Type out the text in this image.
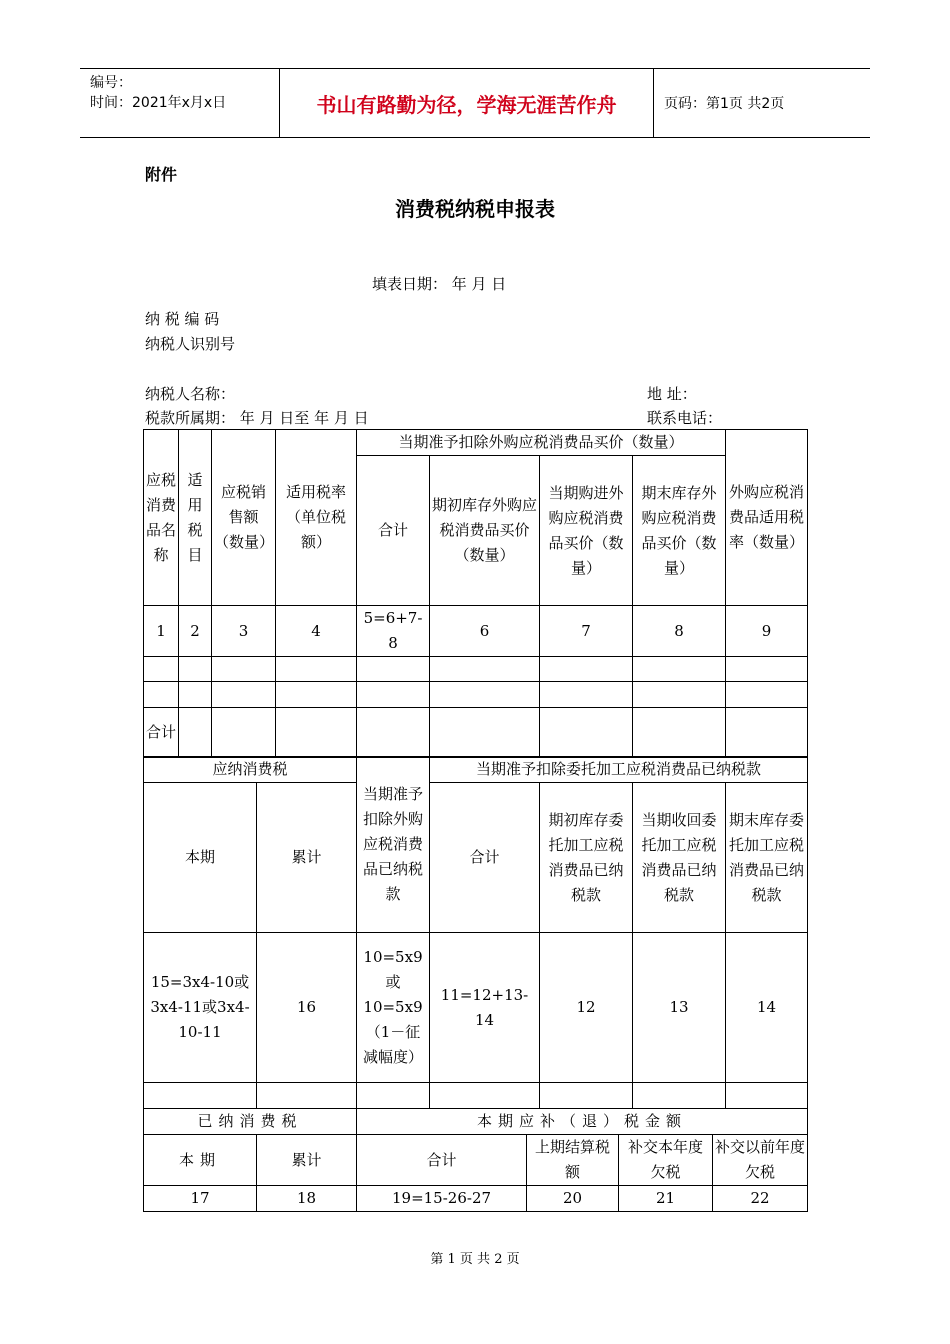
编号：
时间：2021年x月x日	书山有路勤为径，学海无涯苦作舟	页码：第1页 共2页
附件
消费税纳税申报表
填表日期： 年 月 日
纳 税 编 码
纳税人识别号
纳税人名称：	地 址：
税款所属期： 年 月 日至 年 月 日	联系电话：
应税消费品名称	适用税目	应税销售额（数量）	适用税率（单位税额）	当期准予扣除外购应税消费品买价（数量）				外购应税消费品适用税率（数量）
				合计	期初库存外购应税消费品买价（数量）	当期购进外购应税消费品买价（数量）	期末库存外购应税消费品买价（数量）	
1	2	3	4	5=6+7-8	6	7	8	9

合计								
应纳消费税		当期准予扣除外购应税消费品已纳税款	当期准予扣除委托加工应税消费品已纳税款			
本期	累计		合计	期初库存委托加工应税消费品已纳税款	当期收回委托加工应税消费品已纳税款	期末库存委托加工应税消费品已纳税款
15=3x4-10或3x4-11或3x4-10-11	16	10=5x9或10=5x9（1－征减幅度）	11=12+13-14	12	13	14

已纳消费税		本期应补（退）税金额			
本期	累计	合计	上期结算税额	补交本年度欠税	补交以前年度欠税
17	18	19=15-26-27	20	21	22
第 1 页 共 2 页
